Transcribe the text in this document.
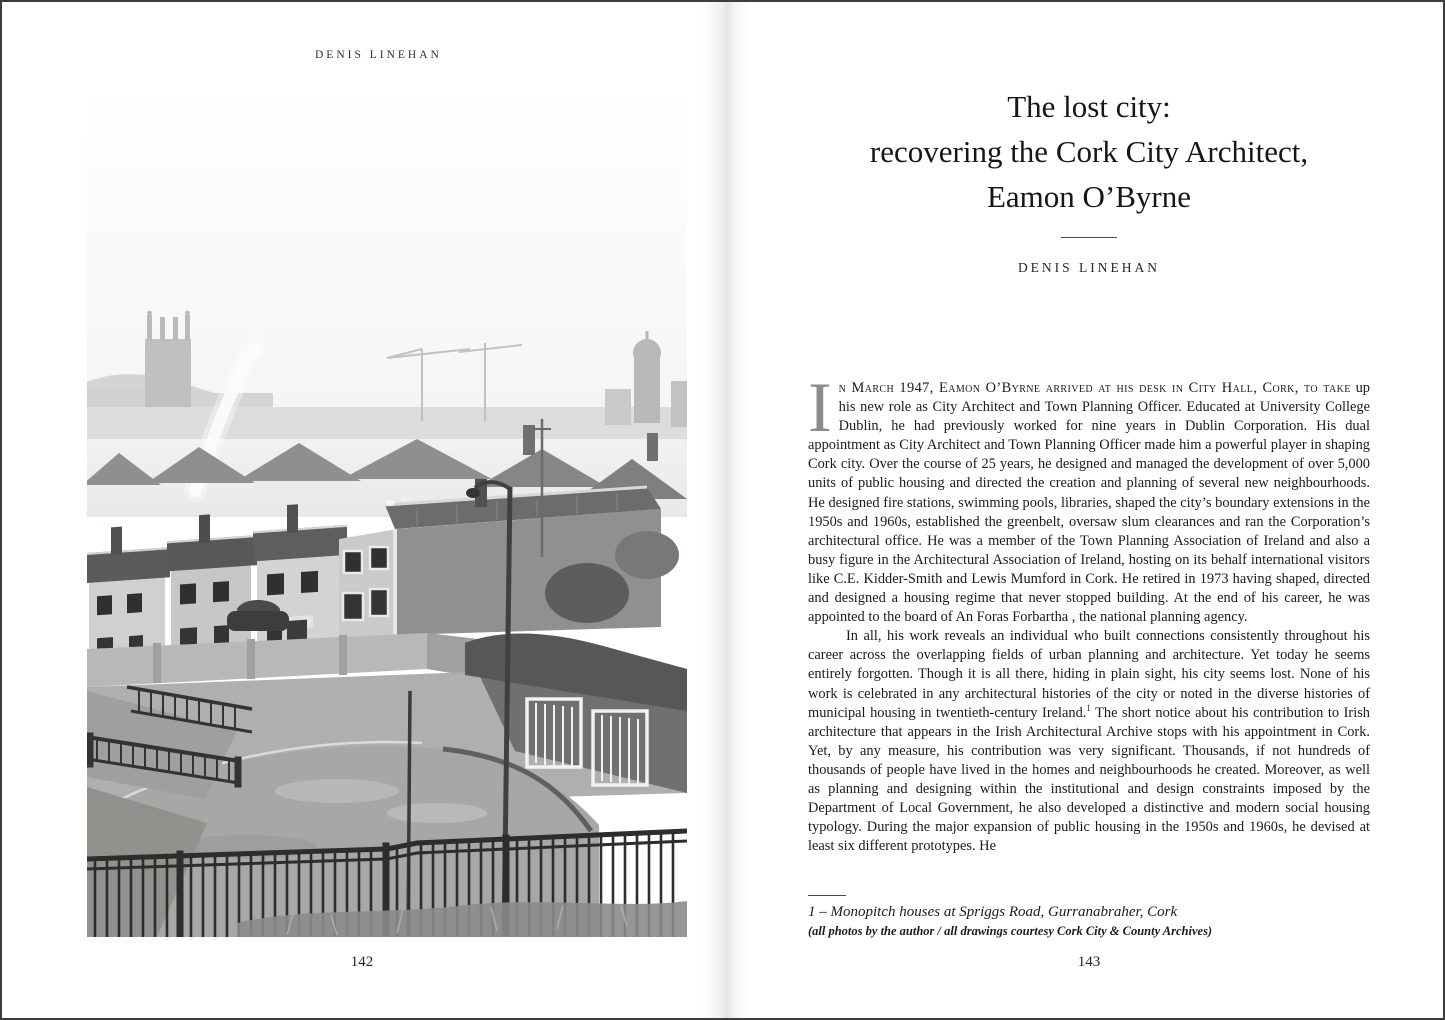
DENIS LINEHAN
142
The lost city:
recovering the Cork City Architect,
Eamon O’Byrne
DENIS LINEHAN

In March 1947, Eamon O’Byrne arrived at his desk in City Hall, Cork, to take up his new role as City Architect and Town Planning Officer. Educated at University College Dublin, he had previously worked for nine years in Dublin Corporation. His dual appointment as City Architect and Town Planning Officer made him a powerful player in shaping Cork city. Over the course of 25 years, he designed and managed the development of over 5,000 units of public housing and directed the creation and planning of several new neighbourhoods. He designed fire stations, swimming pools, libraries, shaped the city’s boundary extensions in the 1950s and 1960s, established the greenbelt, oversaw slum clearances and ran the Corporation’s architectural office. He was a member of the Town Planning Association of Ireland and also a busy figure in the Architectural Association of Ireland, hosting on its behalf international visitors like C.E. Kidder-Smith and Lewis Mumford in Cork. He retired in 1973 having shaped, directed and designed a housing regime that never stopped building. At the end of his career, he was appointed to the board of An Foras Forbartha , the national planning agency.

In all, his work reveals an individual who built connections consistently throughout his career across the overlapping fields of urban planning and architecture. Yet today he seems entirely forgotten. Though it is all there, hiding in plain sight, his city seems lost. None of his work is celebrated in any architectural histories of the city or noted in the diverse histories of municipal housing in twentieth-century Ireland.$^1$ The short notice about his contribution to Irish architecture that appears in the Irish Architectural Archive stops with his appointment in Cork. Yet, by any measure, his contribution was very significant. Thousands, if not hundreds of thousands of people have lived in the homes and neighbourhoods he created. Moreover, as well as planning and designing within the institutional and design constraints imposed by the Department of Local Government, he also developed a distinctive and modern social housing typology. During the major expansion of public housing in the 1950s and 1960s, he devised at least six different prototypes. He

1 – Monopitch houses at Spriggs Road, Gurranabraher, Cork
(all photos by the author / all drawings courtesy Cork City & County Archives)
143
